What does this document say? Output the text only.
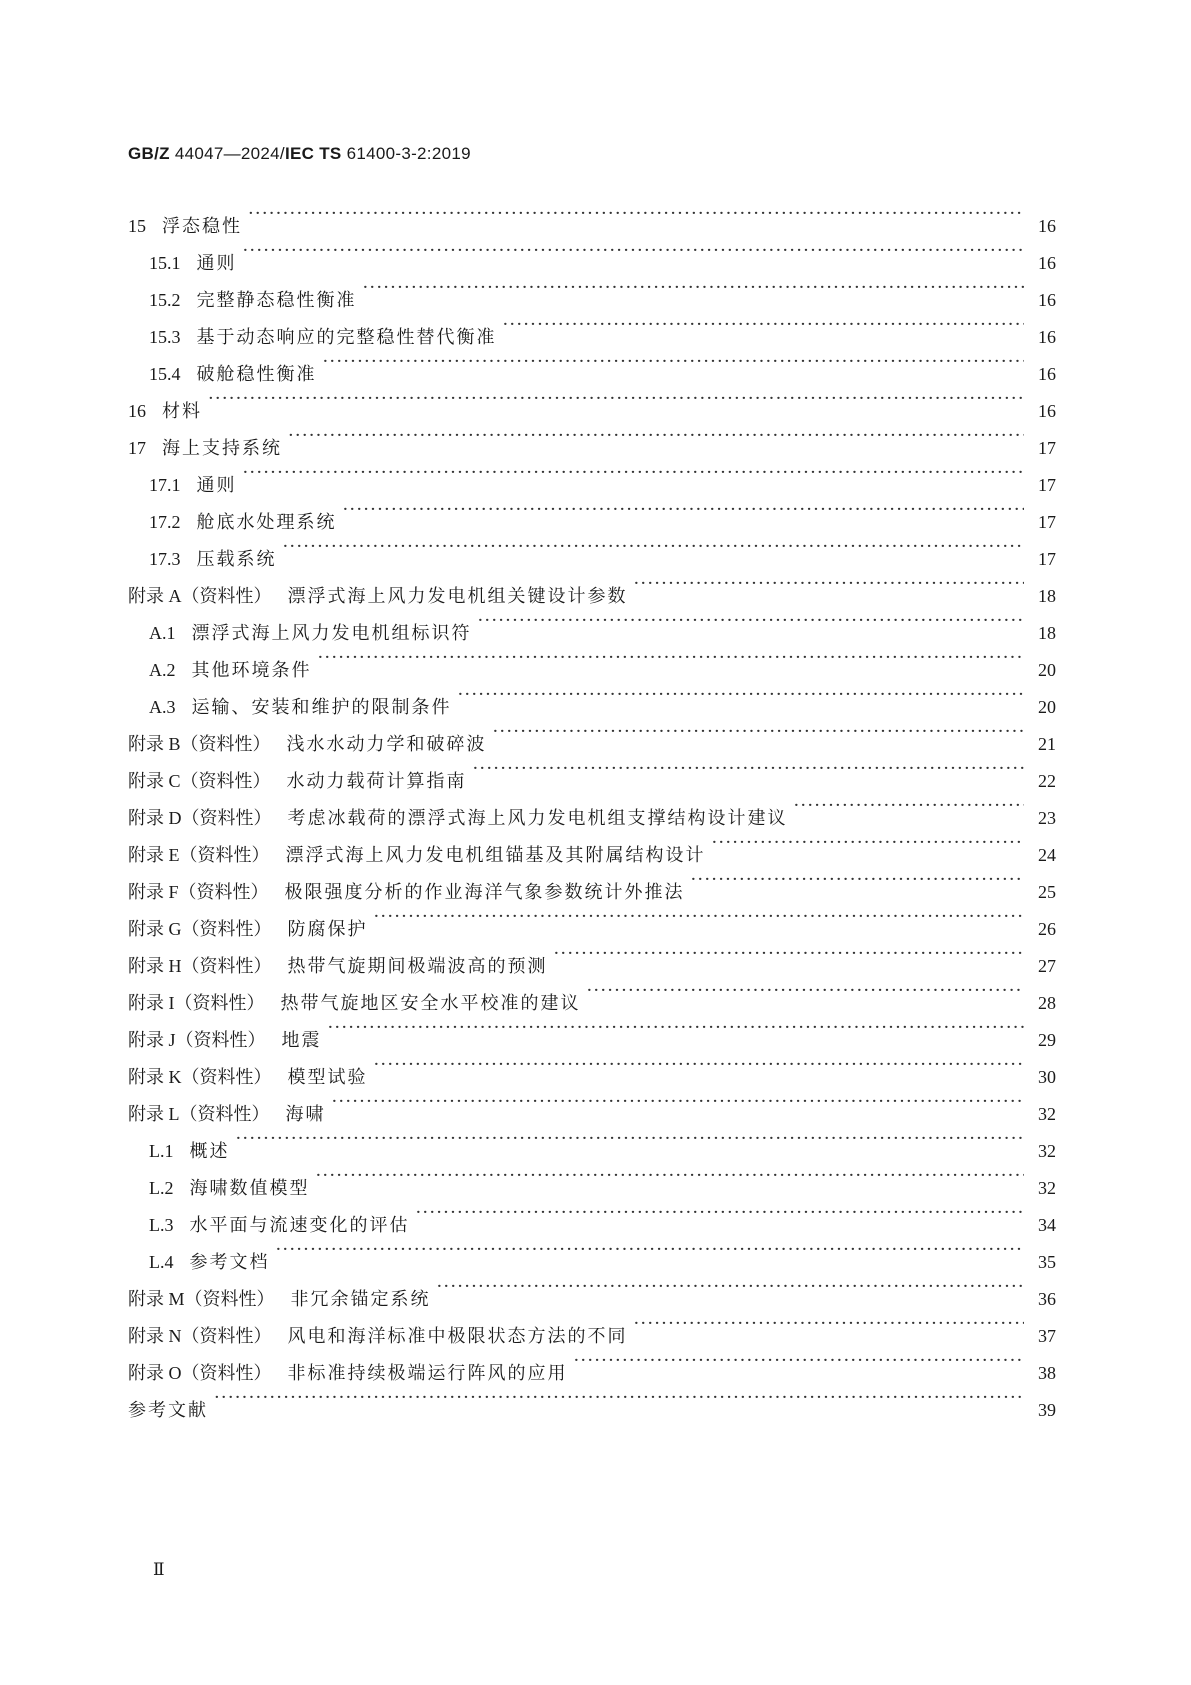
GB/Z 44047—2024/IEC TS 61400-3-2:2019
15 浮态稳性 ·····	16
15.1 通则 ·····	16
15.2 完整静态稳性衡准 ·····	16
15.3 基于动态响应的完整稳性替代衡准 ·····	16
15.4 破舱稳性衡准 ·····	16
16 材料 ·····	16
17 海上支持系统 ·····	17
17.1 通则 ·····	17
17.2 舱底水处理系统 ·····	17
17.3 压载系统 ·····	17
附录 A（资料性） 漂浮式海上风力发电机组关键设计参数 ·····	18
A.1 漂浮式海上风力发电机组标识符 ·····	18
A.2 其他环境条件 ·····	20
A.3 运输、安装和维护的限制条件 ·····	20
附录 B（资料性） 浅水水动力学和破碎波 ·····	21
附录 C（资料性） 水动力载荷计算指南 ·····	22
附录 D（资料性） 考虑冰载荷的漂浮式海上风力发电机组支撑结构设计建议 ·····	23
附录 E（资料性） 漂浮式海上风力发电机组锚基及其附属结构设计 ·····	24
附录 F（资料性） 极限强度分析的作业海洋气象参数统计外推法 ·····	25
附录 G（资料性） 防腐保护 ·····	26
附录 H（资料性） 热带气旋期间极端波高的预测 ·····	27
附录 I（资料性） 热带气旋地区安全水平校准的建议 ·····	28
附录 J（资料性） 地震 ·····	29
附录 K（资料性） 模型试验 ·····	30
附录 L（资料性） 海啸 ·····	32
L.1 概述 ·····	32
L.2 海啸数值模型 ·····	32
L.3 水平面与流速变化的评估 ·····	34
L.4 参考文档 ·····	35
附录 M（资料性） 非冗余锚定系统 ·····	36
附录 N（资料性） 风电和海洋标准中极限状态方法的不同 ·····	37
附录 O（资料性） 非标准持续极端运行阵风的应用 ·····	38
参考文献 ·····	39
Ⅱ
